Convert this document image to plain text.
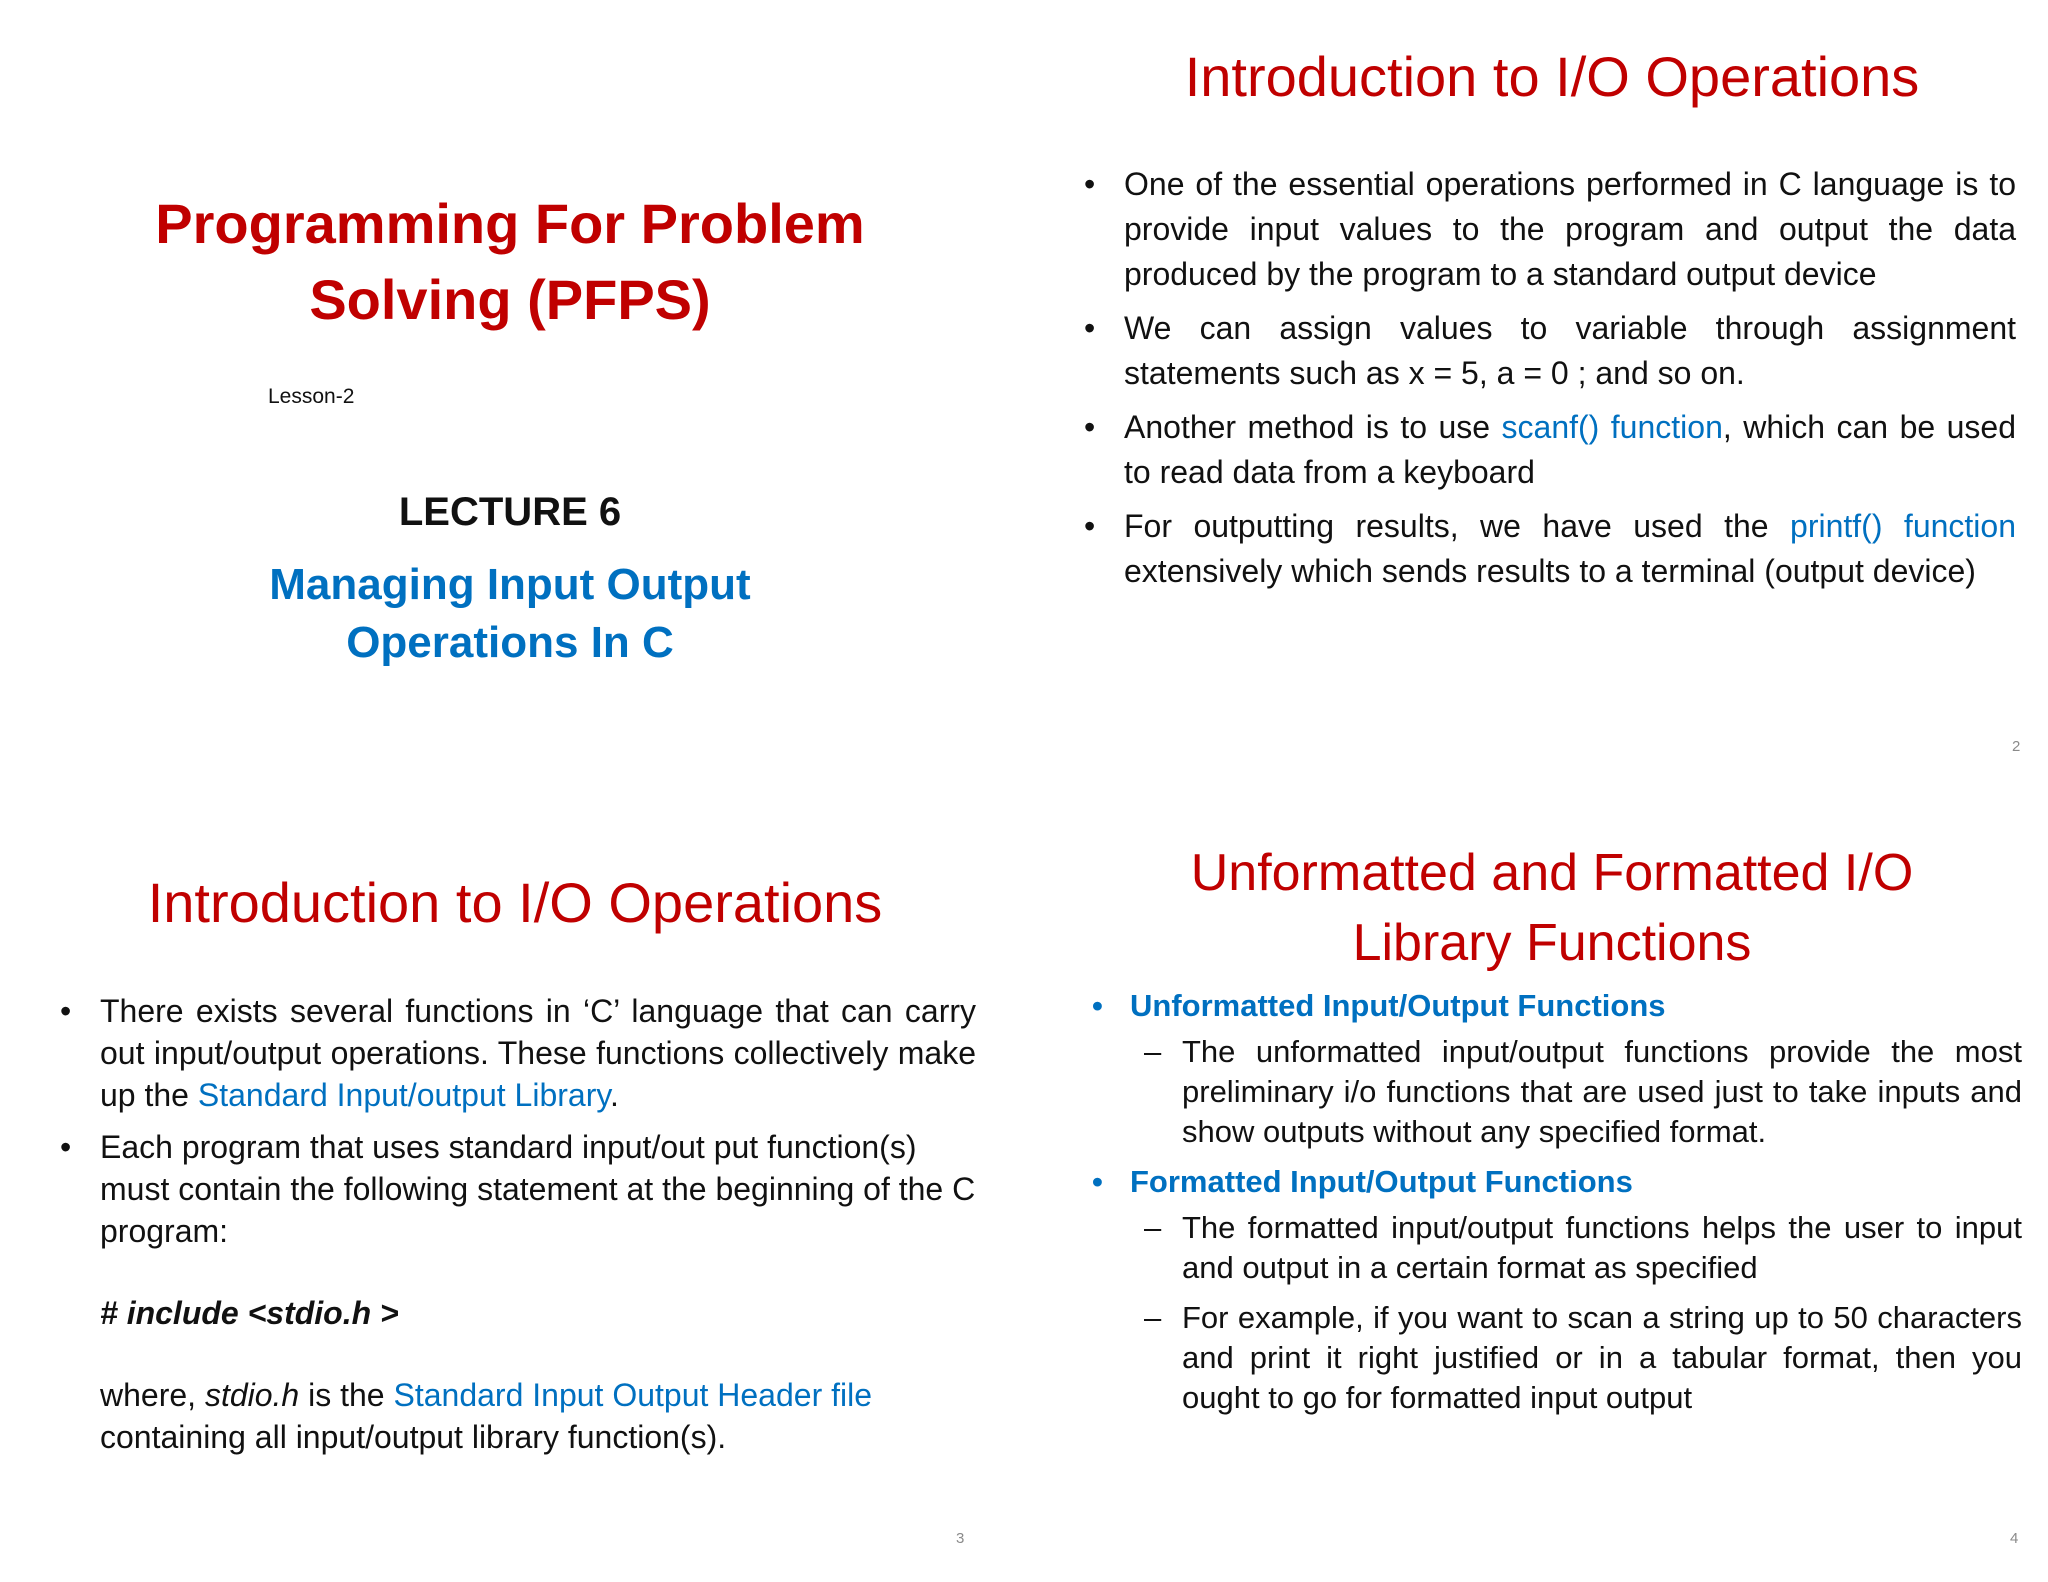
Programming For Problem
Solving (PFPS)

Lesson-2

LECTURE 6

Managing Input Output
Operations In C
Introduction to I/O Operations
• One of the essential operations performed in C language is to provide input values to the program and output the data produced by the program to a standard output device
• We can assign values to variable through assignment statements such as x = 5, a = 0 ; and so on.
• Another method is to use scanf() function, which can be used to read data from a keyboard
• For outputting results, we have used the printf() function extensively which sends results to a terminal (output device)
2
Introduction to I/O Operations
• There exists several functions in ‘C’ language that can carry out input/output operations. These functions collectively make up the Standard Input/output Library.
• Each program that uses standard input/out put function(s) must contain the following statement at the beginning of the C program:
# include <stdio.h >
where, stdio.h is the Standard Input Output Header file containing all input/output library function(s).
3
Unformatted and Formatted I/O
Library Functions
• Unformatted Input/Output Functions
– The unformatted input/output functions provide the most preliminary i/o functions that are used just to take inputs and show outputs without any specified format.
• Formatted Input/Output Functions
– The formatted input/output functions helps the user to input and output in a certain format as specified
– For example, if you want to scan a string up to 50 characters and print it right justified or in a tabular format, then you ought to go for formatted input output
4
